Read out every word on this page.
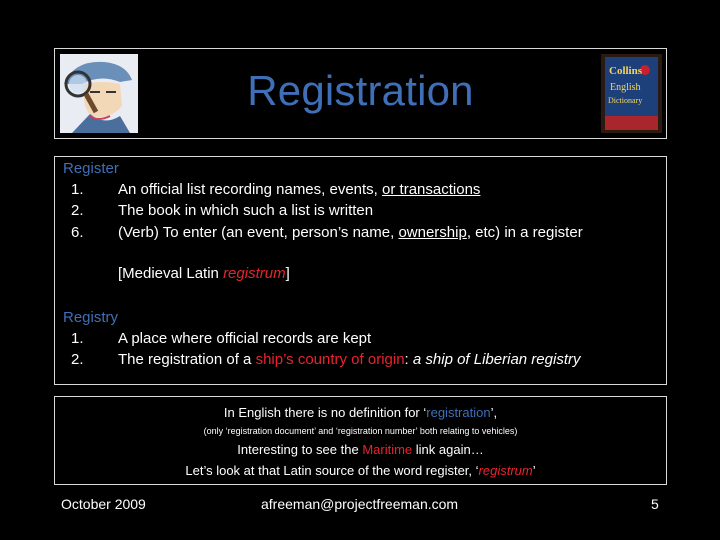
Registration	Collins
English
Dictionary
Register
1.	An official list recording names, events, or transactions
2.	The book in which such a list is written
6.	(Verb) To enter (an event, person’s name, ownership, etc) in a register
[Medieval Latin registrum]
Registry
1.	A place where official records are kept
2.	The registration of a ship’s country of origin: a ship of Liberian registry
In English there is no definition for ‘registration’,
(only ‘registration document’ and ‘registration number’ both relating to vehicles)
Interesting to see the Maritime link again…
Let’s look at that Latin source of the word register, ‘registrum’
October 2009	afreeman@projectfreeman.com	5
